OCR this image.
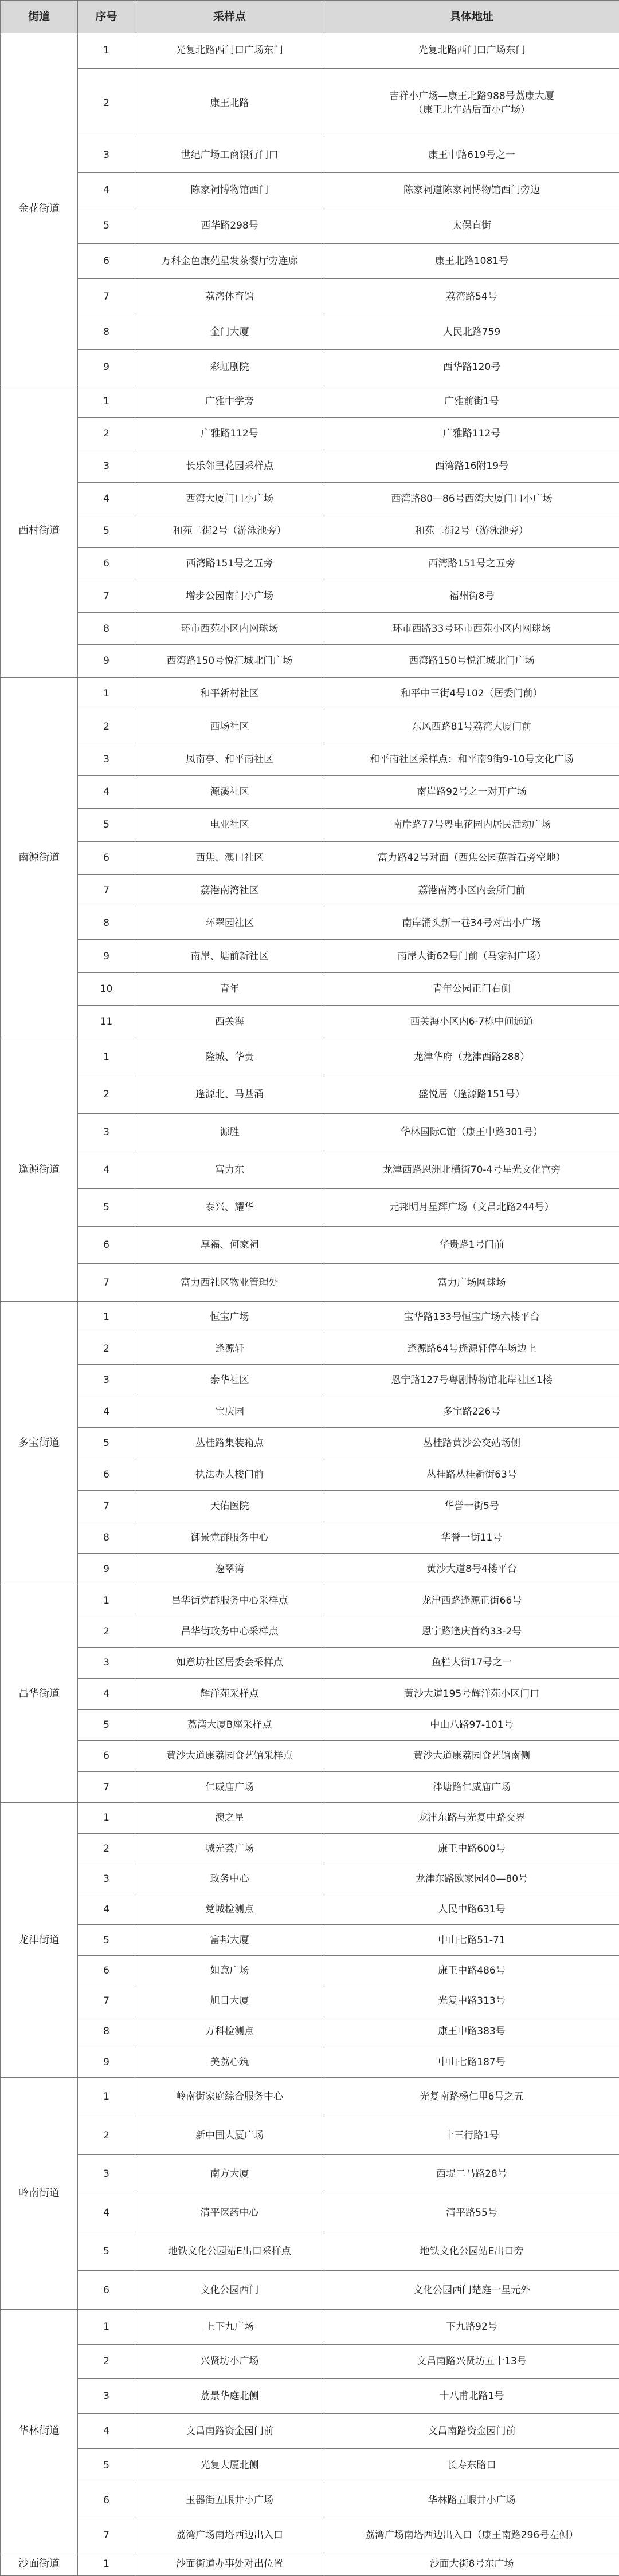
街道	序号	采样点	具体地址
金花街道	1	光复北路西门口广场东门	光复北路西门口广场东门

	2	康王北路	吉祥小广场—康王北路988号荔康大厦
（康王北车站后面小广场）

	3	世纪广场工商银行门口	康王中路619号之一

	4	陈家祠博物馆西门	陈家祠道陈家祠博物馆西门旁边

	5	西华路298号	太保直街

	6	万科金色康苑星发茶餐厅旁连廊	康王北路1081号

	7	荔湾体育馆	荔湾路54号

	8	金门大厦	人民北路759

	9	彩虹剧院	西华路120号

西村街道	1	广雅中学旁	广雅前街1号

	2	广雅路112号	广雅路112号

	3	长乐邻里花园采样点	西湾路16附19号

	4	西湾大厦门口小广场	西湾路80—86号西湾大厦门口小广场

	5	和苑二街2号（游泳池旁）	和苑二街2号（游泳池旁）

	6	西湾路151号之五旁	西湾路151号之五旁

	7	增步公园南门小广场	福州街8号

	8	环市西苑小区内网球场	环市西路33号环市西苑小区内网球场

	9	西湾路150号悦汇城北门广场	西湾路150号悦汇城北门广场

南源街道	1	和平新村社区	和平中三街4号102（居委门前）

	2	西场社区	东风西路81号荔湾大厦门前

	3	凤南亭、和平南社区	和平南社区采样点：和平南9街9-10号文化广场

	4	源溪社区	南岸路92号之一对开广场

	5	电业社区	南岸路77号粤电花园内居民活动广场

	6	西焦、澳口社区	富力路42号对面（西焦公园蕉香石旁空地）

	7	荔港南湾社区	荔港南湾小区内会所门前

	8	环翠园社区	南岸涌头新一巷34号对出小广场

	9	南岸、塘前新社区	南岸大街62号门前（马家祠广场）

	10	青年	青年公园正门右侧

	11	西关海	西关海小区内6-7栋中间通道

逢源街道	1	隆城、华贵	龙津华府（龙津西路288）

	2	逢源北、马基涌	盛悦居（逢源路151号）

	3	源胜	华林国际C馆（康王中路301号）

	4	富力东	龙津西路恩洲北横街70-4号星光文化宫旁

	5	泰兴、耀华	元邦明月星辉广场（文昌北路244号）

	6	厚福、何家祠	华贵路1号门前

	7	富力西社区物业管理处	富力广场网球场

多宝街道	1	恒宝广场	宝华路133号恒宝广场六楼平台

	2	逢源轩	逢源路64号逢源轩停车场边上

	3	泰华社区	恩宁路127号粤剧博物馆北岸社区1楼

	4	宝庆园	多宝路226号

	5	丛桂路集装箱点	丛桂路黄沙公交站场侧

	6	执法办大楼门前	丛桂路丛桂新街63号

	7	天佑医院	华誉一街5号

	8	御景党群服务中心	华誉一街11号

	9	逸翠湾	黄沙大道8号4楼平台

昌华街道	1	昌华街党群服务中心采样点	龙津西路逢源正街66号

	2	昌华街政务中心采样点	恩宁路逢庆首约33-2号

	3	如意坊社区居委会采样点	鱼栏大街17号之一

	4	辉洋苑采样点	黄沙大道195号辉洋苑小区门口

	5	荔湾大厦B座采样点	中山八路97-101号

	6	黄沙大道康荔园食艺馆采样点	黄沙大道康荔园食艺馆南侧

	7	仁威庙广场	泮塘路仁威庙广场

龙津街道	1	澳之星	龙津东路与光复中路交界

	2	城光荟广场	康王中路600号

	3	政务中心	龙津东路欧家园40—80号

	4	党城检测点	人民中路631号

	5	富邦大厦	中山七路51-71

	6	如意广场	康王中路486号

	7	旭日大厦	光复中路313号

	8	万科检测点	康王中路383号

	9	美荔心筑	中山七路187号

岭南街道	1	岭南街家庭综合服务中心	光复南路杨仁里6号之五

	2	新中国大厦广场	十三行路1号

	3	南方大厦	西堤二马路28号

	4	清平医药中心	清平路55号

	5	地铁文化公园站E出口采样点	地铁文化公园站E出口旁

	6	文化公园西门	文化公园西门楚庭一星元外

华林街道	1	上下九广场	下九路92号

	2	兴贤坊小广场	文昌南路兴贤坊五十13号

	3	荔景华庭北侧	十八甫北路1号

	4	文昌南路资金园门前	文昌南路资金园门前

	5	光复大厦北侧	长寿东路口

	6	玉器街五眼井小广场	华林路五眼井小广场

	7	荔湾广场南塔西边出入口	荔湾广场南塔西边出入口（康王南路296号左侧）

沙面街道	1	沙面街道办事处对出位置	沙面大街8号东广场
